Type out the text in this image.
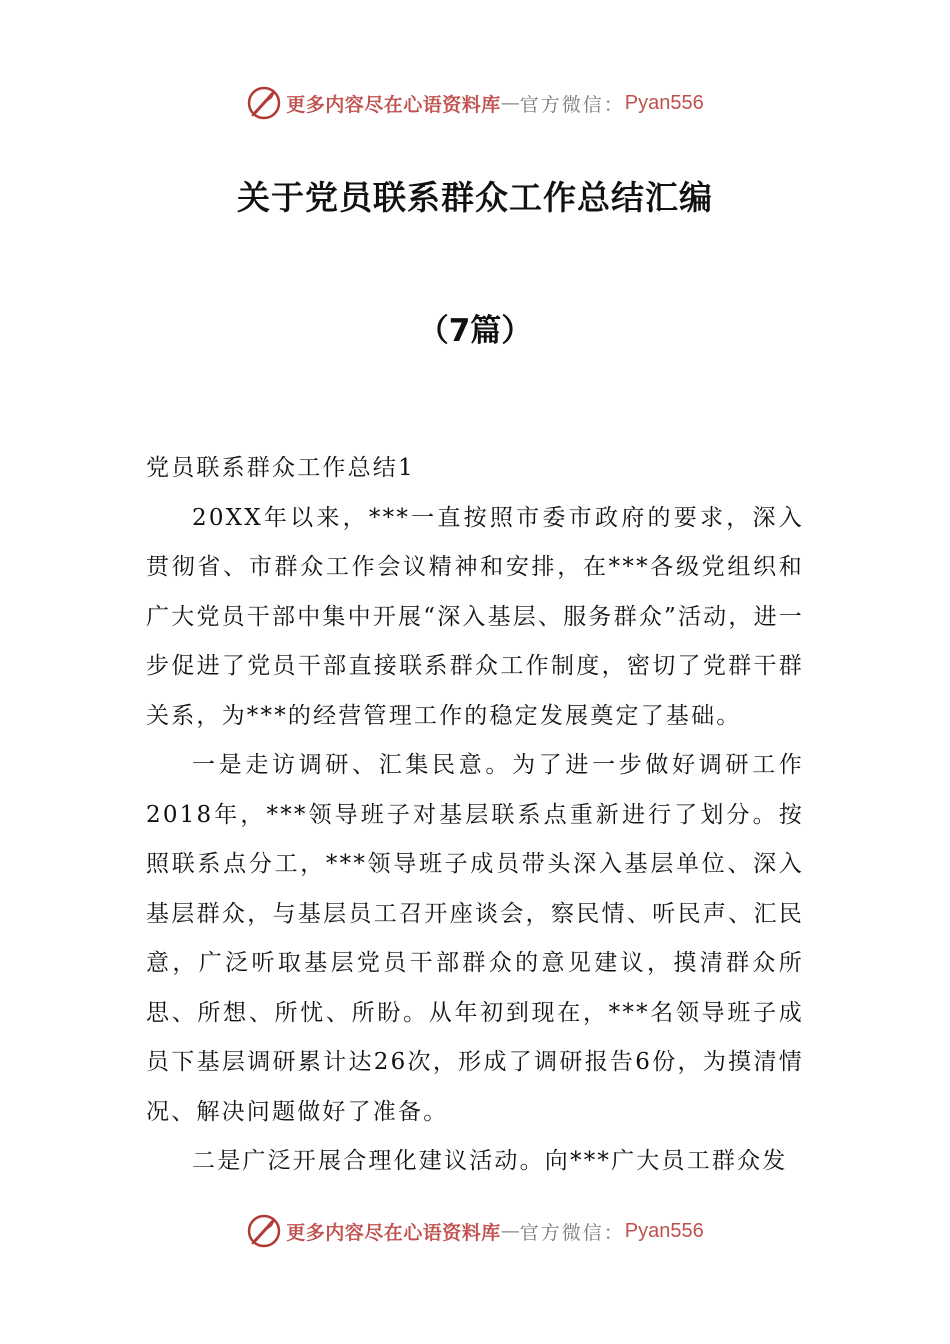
更多内容尽在心语资料库 — 官方微信： Pyan556
关于党员联系群众工作总结汇编
（7篇）

党员联系群众工作总结1

20XX年以来，***一直按照市委市政府的要求，深入贯彻省、市群众工作会议精神和安排，在***各级党组织和广大党员干部中集中开展“深入基层、服务群众”活动，进一步促进了党员干部直接联系群众工作制度，密切了党群干群关系，为***的经营管理工作的稳定发展奠定了基础。

一是走访调研、汇集民意。为了进一步做好调研工作2018年，***领导班子对基层联系点重新进行了划分。按照联系点分工，***领导班子成员带头深入基层单位、深入基层群众，与基层员工召开座谈会，察民情、听民声、汇民意，广泛听取基层党员干部群众的意见建议，摸清群众所思、所想、所忧、所盼。从年初到现在，***名领导班子成员下基层调研累计达26次，形成了调研报告6份，为摸清情况、解决问题做好了准备。

二是广泛开展合理化建议活动。向***广大员工群众发

更多内容尽在心语资料库 — 官方微信： Pyan556
